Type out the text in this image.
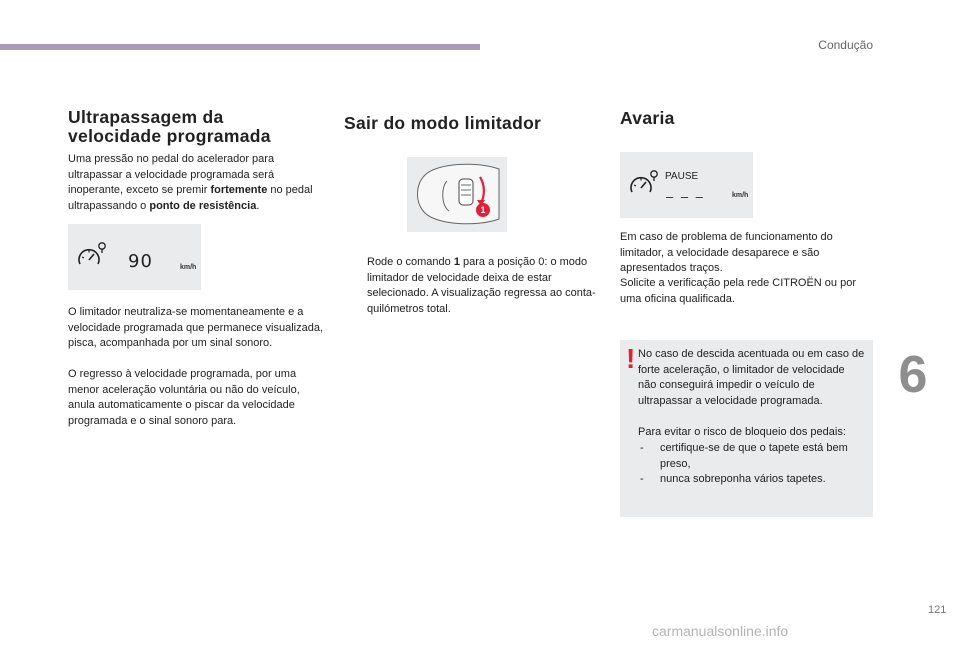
Condução
Ultrapassagem da velocidade programada

Uma pressão no pedal do acelerador para ultrapassar a velocidade programada será inoperante, exceto se premir fortemente no pedal ultrapassando o ponto de resistência.

90	km/h

O limitador neutraliza-se momentaneamente e a velocidade programada que permanece visualizada, pisca, acompanhada por um sinal sonoro.

O regresso à velocidade programada, por uma menor aceleração voluntária ou não do veículo, anula automaticamente o piscar da velocidade programada e o sinal sonoro para.

Sair do modo limitador
1

Rode o comando 1 para a posição 0: o modo limitador de velocidade deixa de estar selecionado. A visualização regressa ao conta-quilómetros total.

Avaria
PAUSE
– – –	km/h

Em caso de problema de funcionamento do limitador, a velocidade desaparece e são apresentados traços.

Solicite a verificação pela rede CITROËN ou por uma oficina qualificada.

! No caso de descida acentuada ou em caso de forte aceleração, o limitador de velocidade não conseguirá impedir o veículo de ultrapassar a velocidade programada.

Para evitar o risco de bloqueio dos pedais:

- certifique-se de que o tapete está bem preso,
- nunca sobreponha vários tapetes.
6
121
carmanualsonline.info
